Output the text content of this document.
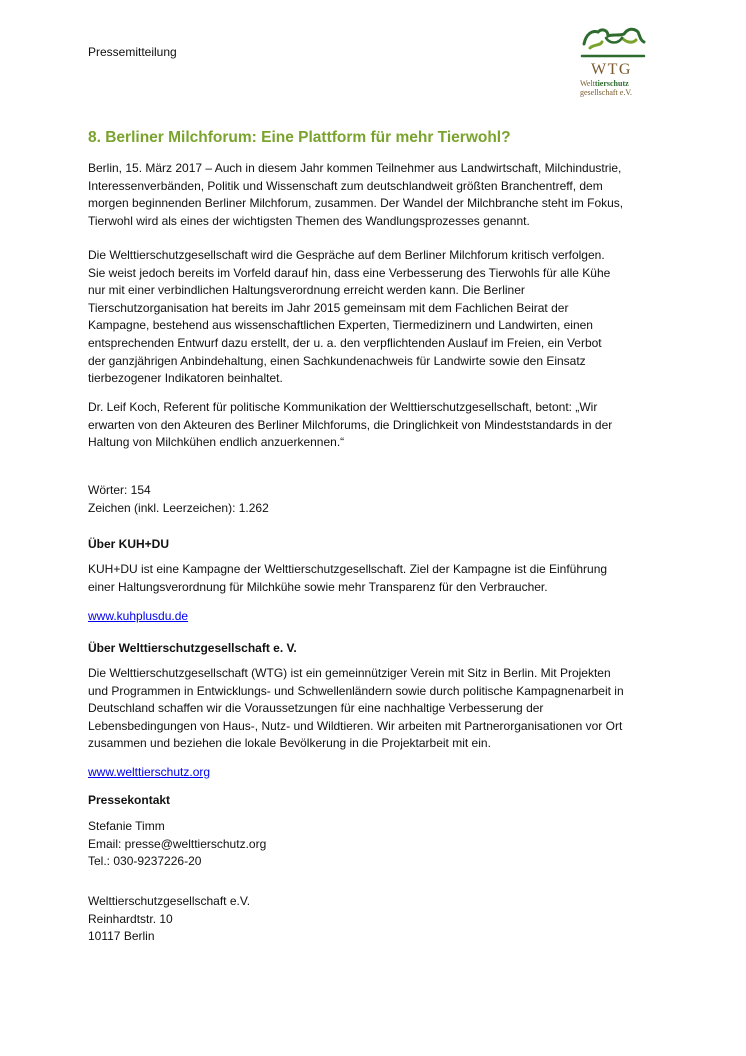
Pressemitteilung
WTG
Welttierschutz
gesellschaft e.V.
8. Berliner Milchforum: Eine Plattform für mehr Tierwohl?
Berlin, 15. März 2017 – Auch in diesem Jahr kommen Teilnehmer aus Landwirtschaft, Milchindustrie,
Interessenverbänden, Politik und Wissenschaft zum deutschlandweit größten Branchentreff, dem
morgen beginnenden Berliner Milchforum, zusammen. Der Wandel der Milchbranche steht im Fokus,
Tierwohl wird als eines der wichtigsten Themen des Wandlungsprozesses genannt.
Die Welttierschutzgesellschaft wird die Gespräche auf dem Berliner Milchforum kritisch verfolgen.
Sie weist jedoch bereits im Vorfeld darauf hin, dass eine Verbesserung des Tierwohls für alle Kühe
nur mit einer verbindlichen Haltungsverordnung erreicht werden kann. Die Berliner
Tierschutzorganisation hat bereits im Jahr 2015 gemeinsam mit dem Fachlichen Beirat der
Kampagne, bestehend aus wissenschaftlichen Experten, Tiermedizinern und Landwirten, einen
entsprechenden Entwurf dazu erstellt, der u. a. den verpflichtenden Auslauf im Freien, ein Verbot
der ganzjährigen Anbindehaltung, einen Sachkundenachweis für Landwirte sowie den Einsatz
tierbezogener Indikatoren beinhaltet.
Dr. Leif Koch, Referent für politische Kommunikation der Welttierschutzgesellschaft, betont: „Wir
erwarten von den Akteuren des Berliner Milchforums, die Dringlichkeit von Mindeststandards in der
Haltung von Milchkühen endlich anzuerkennen.“
Wörter: 154
Zeichen (inkl. Leerzeichen): 1.262
Über KUH+DU
KUH+DU ist eine Kampagne der Welttierschutzgesellschaft. Ziel der Kampagne ist die Einführung
einer Haltungsverordnung für Milchkühe sowie mehr Transparenz für den Verbraucher.
www.kuhplusdu.de
Über Welttierschutzgesellschaft e. V.
Die Welttierschutzgesellschaft (WTG) ist ein gemeinnütziger Verein mit Sitz in Berlin. Mit Projekten
und Programmen in Entwicklungs- und Schwellenländern sowie durch politische Kampagnenarbeit in
Deutschland schaffen wir die Voraussetzungen für eine nachhaltige Verbesserung der
Lebensbedingungen von Haus-, Nutz- und Wildtieren. Wir arbeiten mit Partnerorganisationen vor Ort
zusammen und beziehen die lokale Bevölkerung in die Projektarbeit mit ein.
www.welttierschutz.org
Pressekontakt
Stefanie Timm
Email: presse@welttierschutz.org
Tel.: 030-9237226-20
Welttierschutzgesellschaft e.V.
Reinhardtstr. 10
10117 Berlin
